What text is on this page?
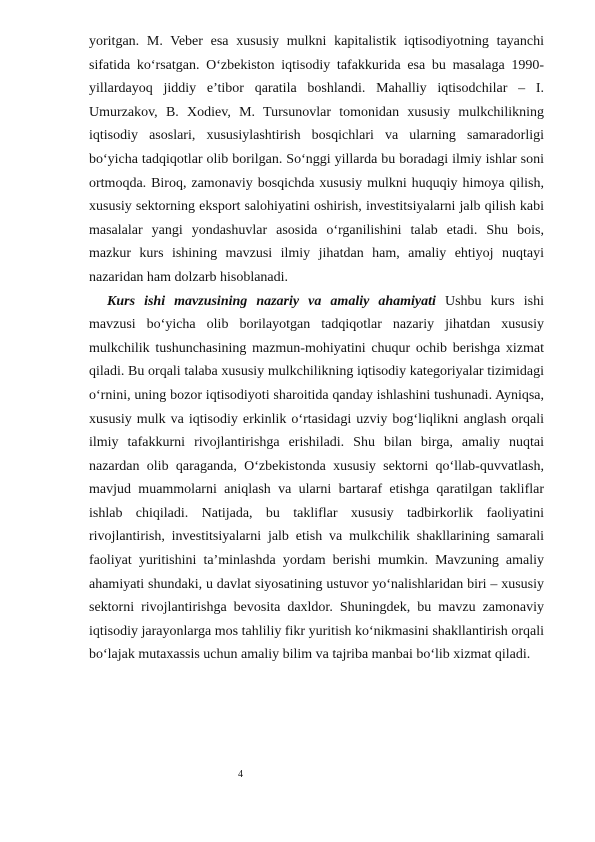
yoritgan. M. Veber esa xususiy mulkni kapitalistik iqtisodiyotning tayanchi sifatida ko‘rsatgan. O‘zbekiston iqtisodiy tafakkurida esa bu masalaga 1990-yillardayoq jiddiy e’tibor qaratila boshlandi. Mahalliy iqtisodchilar – I. Umurzakov, B. Xodiev, M. Tursunovlar tomonidan xususiy mulkchilikning iqtisodiy asoslari, xususiylashtirish bosqichlari va ularning samaradorligi bo‘yicha tadqiqotlar olib borilgan. So‘nggi yillarda bu boradagi ilmiy ishlar soni ortmoqda. Biroq, zamonaviy bosqichda xususiy mulkni huquqiy himoya qilish, xususiy sektorning eksport salohiyatini oshirish, investitsiyalarni jalb qilish kabi masalalar yangi yondashuvlar asosida o‘rganilishini talab etadi. Shu bois, mazkur kurs ishining mavzusi ilmiy jihatdan ham, amaliy ehtiyoj nuqtayi nazaridan ham dolzarb hisoblanadi.

Kurs ishi mavzusining nazariy va amaliy ahamiyati Ushbu kurs ishi mavzusi bo‘yicha olib borilayotgan tadqiqotlar nazariy jihatdan xususiy mulkchilik tushunchasining mazmun-mohiyatini chuqur ochib berishga xizmat qiladi. Bu orqali talaba xususiy mulkchilikning iqtisodiy kategoriyalar tizimidagi o‘rnini, uning bozor iqtisodiyoti sharoitida qanday ishlashini tushunadi. Ayniqsa, xususiy mulk va iqtisodiy erkinlik o‘rtasidagi uzviy bog‘liqlikni anglash orqali ilmiy tafakkurni rivojlantirishga erishiladi. Shu bilan birga, amaliy nuqtai nazardan olib qaraganda, O‘zbekistonda xususiy sektorni qo‘llab-quvvatlash, mavjud muammolarni aniqlash va ularni bartaraf etishga qaratilgan takliflar ishlab chiqiladi. Natijada, bu takliflar xususiy tadbirkorlik faoliyatini rivojlantirish, investitsiyalarni jalb etish va mulkchilik shakllarining samarali faoliyat yuritishini ta’minlashda yordam berishi mumkin. Mavzuning amaliy ahamiyati shundaki, u davlat siyosatining ustuvor yo‘nalishlaridan biri – xususiy sektorni rivojlantirishga bevosita daxldor. Shuningdek, bu mavzu zamonaviy iqtisodiy jarayonlarga mos tahliliy fikr yuritish ko‘nikmasini shakllantirish orqali bo‘lajak mutaxassis uchun amaliy bilim va tajriba manbai bo‘lib xizmat qiladi.

4
